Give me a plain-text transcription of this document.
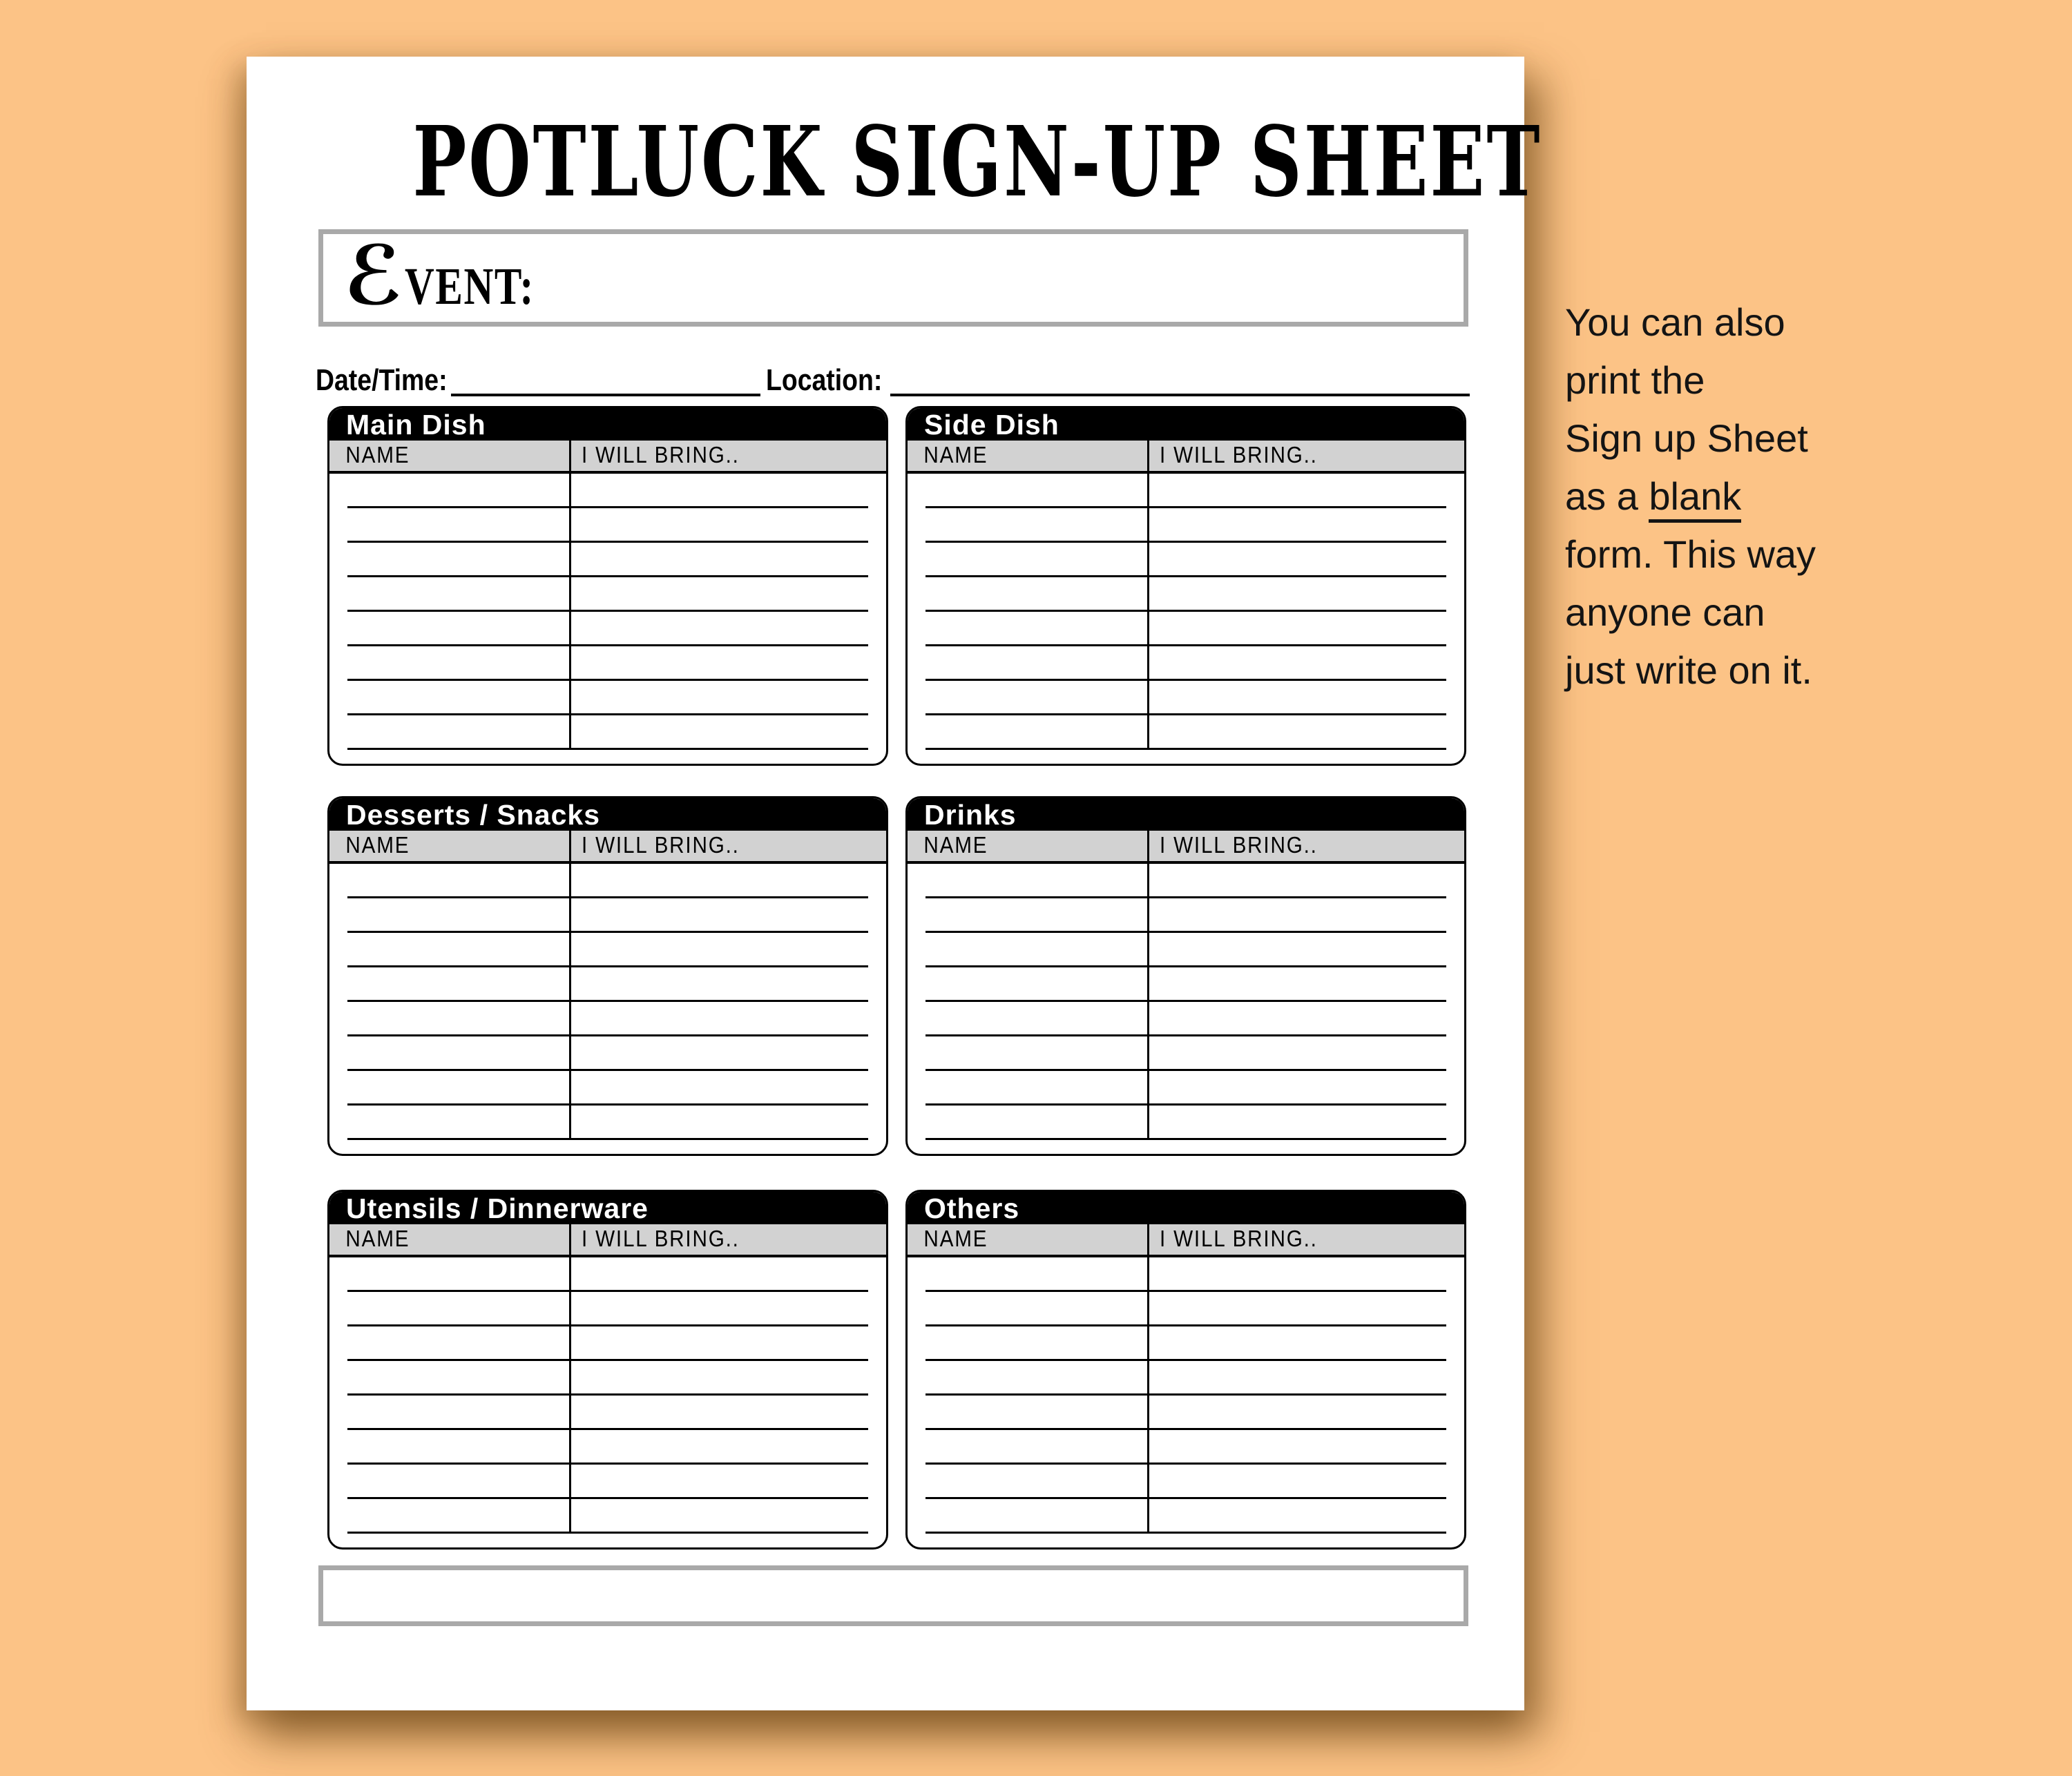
POTLUCK SIGN-UP SHEET
ℰ VENT:
Date/Time:	Location:
Main Dish
NAME	I WILL BRING..
Side Dish
NAME	I WILL BRING..
Desserts / Snacks
NAME	I WILL BRING..
Drinks
NAME	I WILL BRING..
Utensils / Dinnerware
NAME	I WILL BRING..
Others
NAME	I WILL BRING..
You can also
print the
Sign up Sheet
as a blank
form. This way
anyone can
just write on it.
